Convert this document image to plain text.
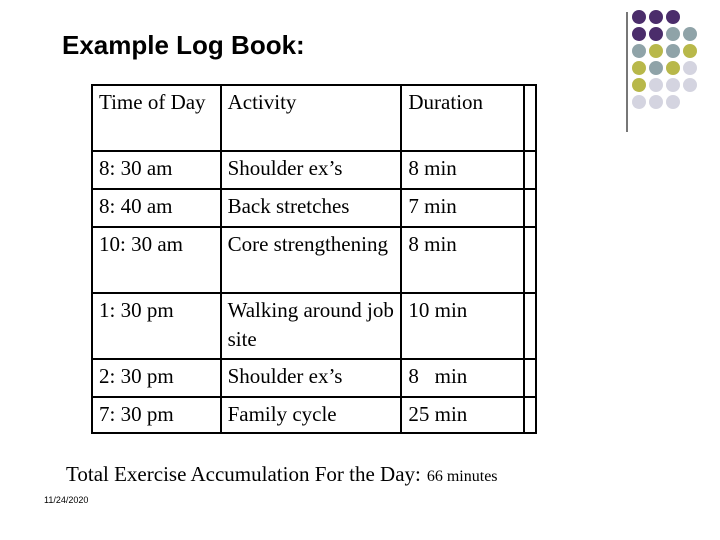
Example Log Book:
Time of Day	Activity	Duration	
8: 30 am	Shoulder ex’s	8 min	
8: 40 am	Back stretches	7 min	
10: 30 am	Core strengthening	8 min	
1: 30 pm	Walking around job site	10 min	
2: 30 pm	Shoulder ex’s	8   min	
7: 30 pm	Family cycle	25 min	
Total Exercise Accumulation For the Day: 66 minutes
11/24/2020
